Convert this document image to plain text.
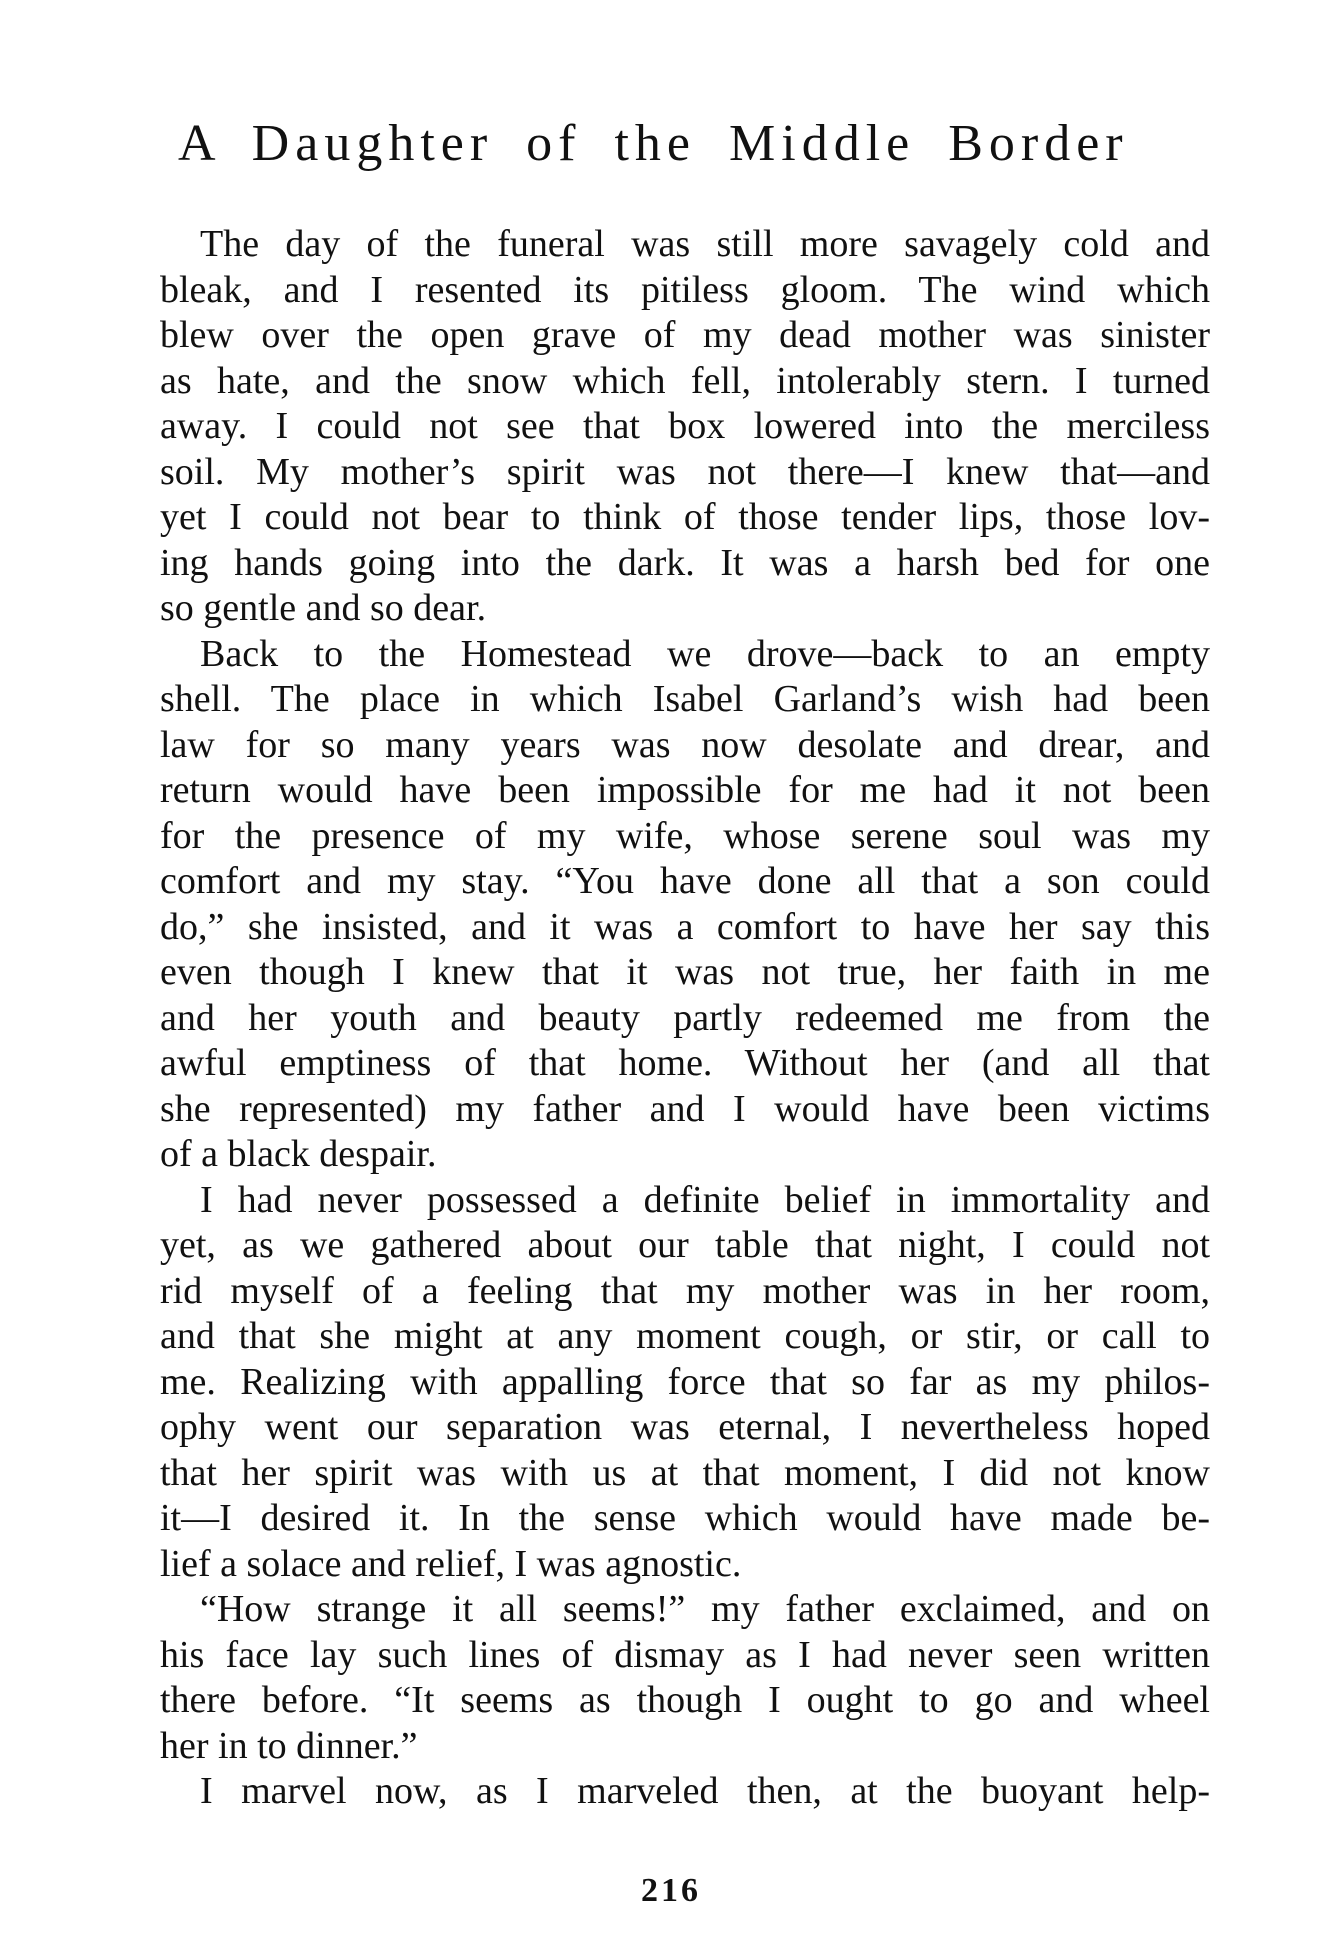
A Daughter of the Middle Border
The day of the funeral was still more savagely cold and
bleak, and I resented its pitiless gloom. The wind which
blew over the open grave of my dead mother was sinister
as hate, and the snow which fell, intolerably stern. I turned
away. I could not see that box lowered into the merciless
soil. My mother’s spirit was not there—I knew that—and
yet I could not bear to think of those tender lips, those lov-
ing hands going into the dark. It was a harsh bed for one
so gentle and so dear.
Back to the Homestead we drove—back to an empty
shell. The place in which Isabel Garland’s wish had been
law for so many years was now desolate and drear, and
return would have been impossible for me had it not been
for the presence of my wife, whose serene soul was my
comfort and my stay. “You have done all that a son could
do,” she insisted, and it was a comfort to have her say this
even though I knew that it was not true, her faith in me
and her youth and beauty partly redeemed me from the
awful emptiness of that home. Without her (and all that
she represented) my father and I would have been victims
of a black despair.
I had never possessed a definite belief in immortality and
yet, as we gathered about our table that night, I could not
rid myself of a feeling that my mother was in her room,
and that she might at any moment cough, or stir, or call to
me. Realizing with appalling force that so far as my philos-
ophy went our separation was eternal, I nevertheless hoped
that her spirit was with us at that moment, I did not know
it—I desired it. In the sense which would have made be-
lief a solace and relief, I was agnostic.
“How strange it all seems!” my father exclaimed, and on
his face lay such lines of dismay as I had never seen written
there before. “It seems as though I ought to go and wheel
her in to dinner.”
I marvel now, as I marveled then, at the buoyant help-
216
